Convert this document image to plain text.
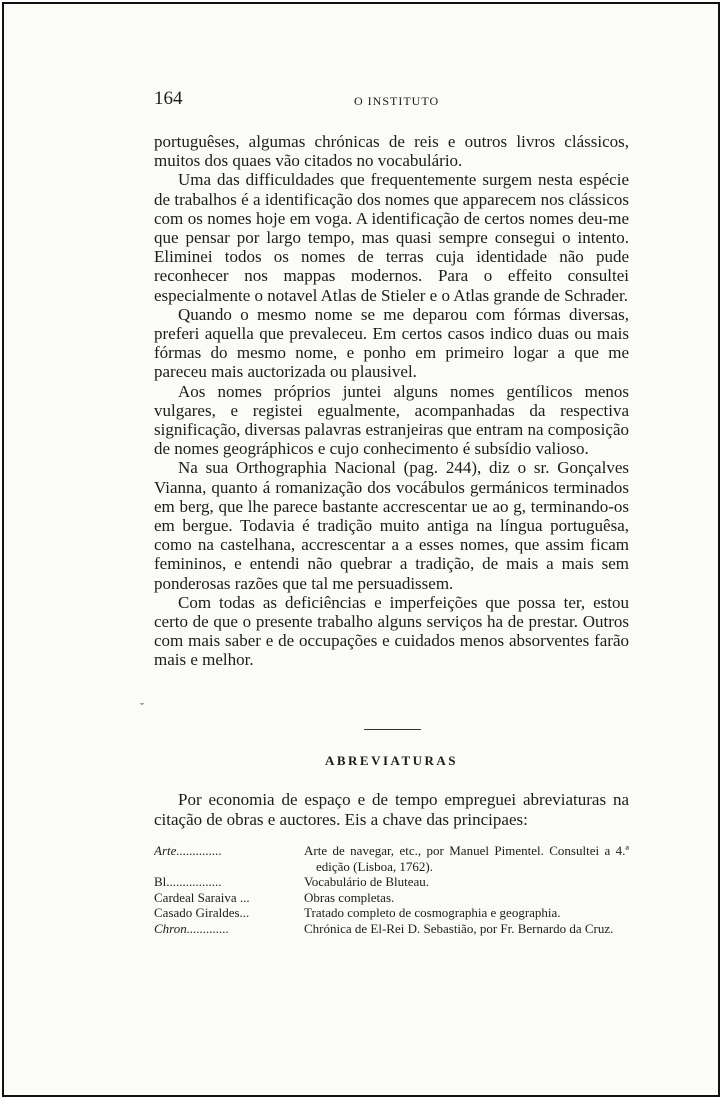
164	O INSTITUTO

portuguêses, algumas chrónicas de reis e outros livros clássicos, muitos dos quaes vão citados no vocabulário.

Uma das difficuldades que frequentemente surgem nesta espécie de trabalhos é a identificação dos nomes que apparecem nos clássicos com os nomes hoje em voga. A identificação de certos nomes deu-me que pensar por largo tempo, mas quasi sempre consegui o intento. Eliminei todos os nomes de terras cuja identidade não pude reconhecer nos mappas modernos. Para o effeito consultei especialmente o notavel Atlas de Stieler e o Atlas grande de Schrader.

Quando o mesmo nome se me deparou com fórmas diversas, preferi aquella que prevaleceu. Em certos casos indico duas ou mais fórmas do mesmo nome, e ponho em primeiro logar a que me pareceu mais auctorizada ou plausivel.

Aos nomes próprios juntei alguns nomes gentílicos menos vulgares, e registei egualmente, acompanhadas da respectiva significação, diversas palavras estranjeiras que entram na composição de nomes geográphicos e cujo conhecimento é subsídio valioso.

Na sua Orthographia Nacional (pag. 244), diz o sr. Gonçalves Vianna, quanto á romanização dos vocábulos germánicos terminados em berg, que lhe parece bastante accrescentar ue ao g, terminando-os em bergue. Todavia é tradição muito antiga na língua portuguêsa, como na castelhana, accrescentar a a esses nomes, que assim ficam femininos, e entendi não quebrar a tradição, de mais a mais sem ponderosas razões que tal me persuadissem.

Com todas as deficiências e imperfeições que possa ter, estou certo de que o presente trabalho alguns serviços ha de prestar. Outros com mais saber e de occupações e cuidados menos absorventes farão mais e melhor.

˘
ABREVIATURAS

Por economia de espaço e de tempo empreguei abreviaturas na citação de obras e auctores. Eis a chave das principaes:

Arte..............	Arte de navegar, etc., por Manuel Pimentel. Consultei a 4.ª edição (Lisboa, 1762).
Bl.................	Vocabulário de Bluteau.
Cardeal Saraiva ...	Obras completas.
Casado Giraldes...	Tratado completo de cosmographia e geographia.
Chron.............	Chrónica de El-Rei D. Sebastião, por Fr. Bernardo da Cruz.
